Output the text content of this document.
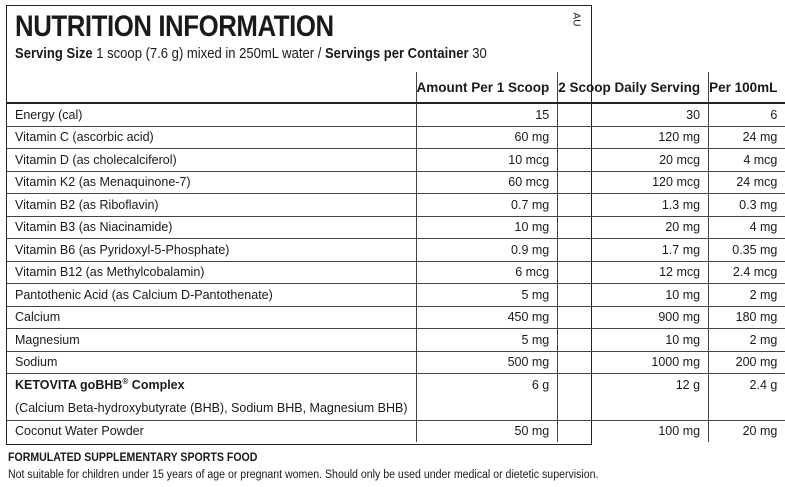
AU
NUTRITION INFORMATION
Serving Size 1 scoop (7.6 g) mixed in 250mL water / Servings per Container 30
	Amount Per 1 Scoop	2 Scoop Daily Serving	Per 100mL
Energy (cal)	15	30	6
Vitamin C (ascorbic acid)	60 mg	120 mg	24 mg
Vitamin D (as cholecalciferol)	10 mcg	20 mcg	4 mcg
Vitamin K2 (as Menaquinone-7)	60 mcg	120 mcg	24 mcg
Vitamin B2 (as Riboflavin)	0.7 mg	1.3 mg	0.3 mg
Vitamin B3 (as Niacinamide)	10 mg	20 mg	4 mg
Vitamin B6 (as Pyridoxyl-5-Phosphate)	0.9 mg	1.7 mg	0.35 mg
Vitamin B12 (as Methylcobalamin)	6 mcg	12 mcg	2.4 mcg
Pantothenic Acid (as Calcium D-Pantothenate)	5 mg	10 mg	2 mg
Calcium	450 mg	900 mg	180 mg
Magnesium	5 mg	10 mg	2 mg
Sodium	500 mg	1000 mg	200 mg
KETOVITA goBHB® Complex	6 g	12 g	2.4 g
(Calcium Beta-hydroxybutyrate (BHB), Sodium BHB, Magnesium BHB)			
Coconut Water Powder	50 mg	100 mg	20 mg
FORMULATED SUPPLEMENTARY SPORTS FOOD
Not suitable for children under 15 years of age or pregnant women. Should only be used under medical or dietetic supervision.
